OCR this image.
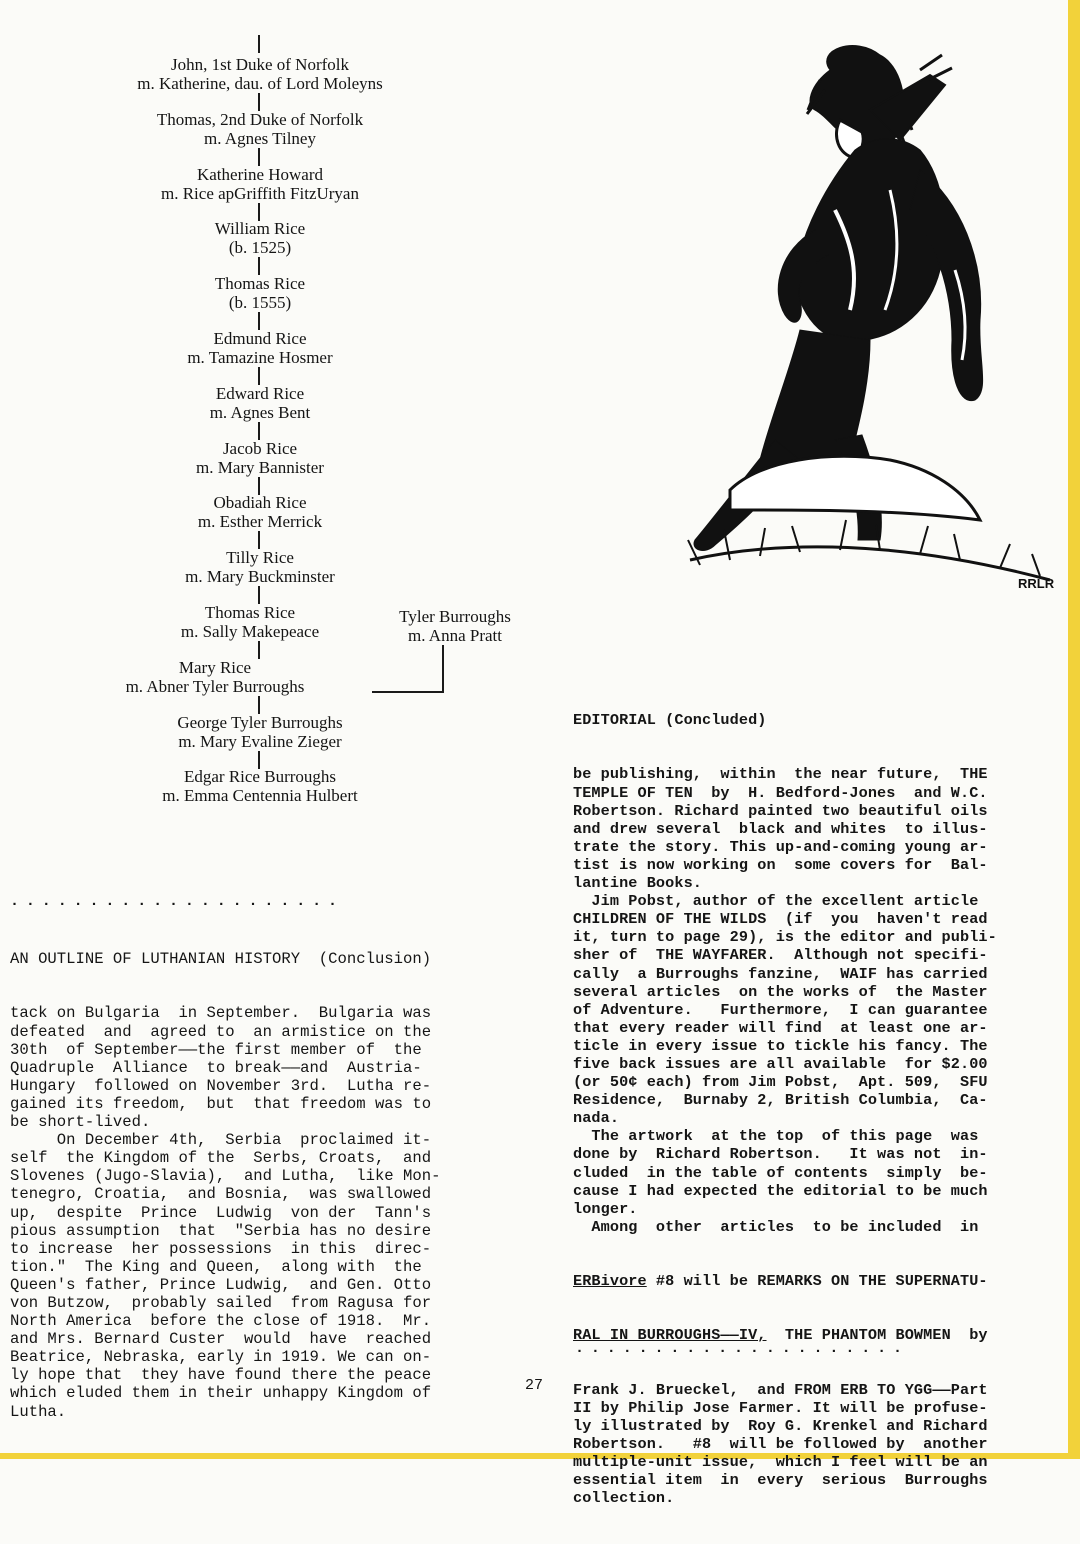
John, 1st Duke of Norfolk
m. Katherine, dau. of Lord Moleyns
Thomas, 2nd Duke of Norfolk
m. Agnes Tilney
Katherine Howard
m. Rice apGriffith FitzUryan
William Rice
(b. 1525)
Thomas Rice
(b. 1555)
Edmund Rice
m. Tamazine Hosmer
Edward Rice
m. Agnes Bent
Jacob Rice
m. Mary Bannister
Obadiah Rice
m. Esther Merrick
Tilly Rice
m. Mary Buckminster
Thomas Rice
m. Sally Makepeace
Mary Rice
m. Abner Tyler Burroughs
George Tyler Burroughs
m. Mary Evaline Zieger
Edgar Rice Burroughs
m. Emma Centennia Hulbert
Tyler Burroughs
m. Anna Pratt
RRLR
.....................

AN OUTLINE OF LUTHANIAN HISTORY  (Conclusion)

tack on Bulgaria  in September.  Bulgaria was
defeated  and  agreed to  an armistice on the
30th  of September——the first member of  the
Quadruple  Alliance  to break——and  Austria-
Hungary  followed on November 3rd.  Lutha re-
gained its freedom,  but  that freedom was to
be short-lived.
On December 4th,  Serbia  proclaimed it-
self  the Kingdom of the  Serbs, Croats,  and
Slovenes (Jugo-Slavia),  and Lutha,  like Mon-
tenegro, Croatia,  and Bosnia,  was swallowed
up,  despite  Prince  Ludwig  von der  Tann's
pious assumption  that  "Serbia has no desire
to increase  her possessions  in this  direc-
tion."  The King and Queen,  along with  the
Queen's father, Prince Ludwig,  and Gen. Otto
von Butzow,  probably sailed  from Ragusa for
North America  before the close of 1918.  Mr.
and Mrs. Bernard Custer  would  have  reached
Beatrice, Nebraska, early in 1919. We can on-
ly hope that  they have found there the peace
which eluded them in their unhappy Kingdom of
Lutha.

EDITORIAL (Concluded)

be publishing,  within  the near future,  THE
TEMPLE OF TEN  by  H. Bedford-Jones  and W.C.
Robertson. Richard painted two beautiful oils
and drew several  black and whites  to illus-
trate the story. This up-and-coming young ar-
tist is now working on  some covers for  Bal-
lantine Books.
Jim Pobst, author of the excellent article
CHILDREN OF THE WILDS  (if  you  haven't read
it, turn to page 29), is the editor and publi-
sher of  THE WAYFARER.  Although not specifi-
cally  a Burroughs fanzine,  WAIF has carried
several articles  on the works of  the Master
of Adventure.   Furthermore,  I can guarantee
that every reader will find  at least one ar-
ticle in every issue to tickle his fancy. The
five back issues are all available  for $2.00
(or 50¢ each) from Jim Pobst,  Apt. 509,  SFU
Residence,  Burnaby 2, British Columbia,  Ca-
nada.
The artwork  at the top  of this page  was
done by  Richard Robertson.   It was not  in-
cluded  in the table of contents  simply  be-
cause I had expected the editorial to be much
longer.
Among  other  articles  to be included  in

ERBivore #8 will be REMARKS ON THE SUPERNATU-

RAL IN BURROUGHS——IV,  THE PHANTOM BOWMEN  by

Frank J. Brueckel,  and FROM ERB TO YGG——Part
II by Philip Jose Farmer. It will be profuse-
ly illustrated by  Roy G. Krenkel and Richard
Robertson.   #8  will be followed by  another
multiple-unit issue,  which I feel will be an
essential item  in  every  serious  Burroughs
collection.

.....................
27
